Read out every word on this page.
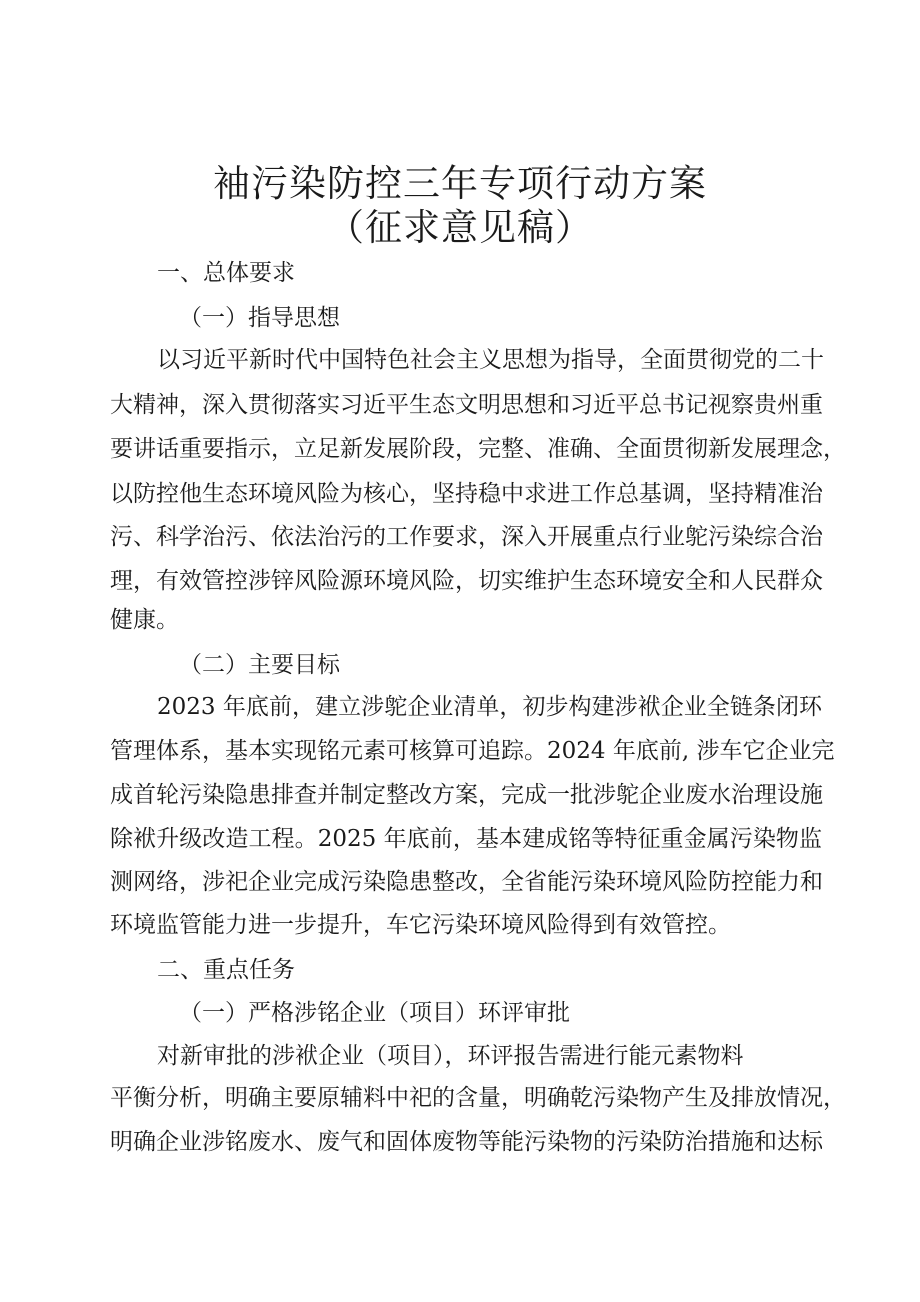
袖污染防控三年专项行动方案
（征求意见稿）
一、总体要求
（一）指导思想
以习近平新时代中国特色社会主义思想为指导，全面贯彻党的二十
大精神，深入贯彻落实习近平生态文明思想和习近平总书记视察贵州重
要讲话重要指示，立足新发展阶段，完整、准确、全面贯彻新发展理念，
以防控他生态环境风险为核心，坚持稳中求进工作总基调，坚持精准治
污、科学治污、依法治污的工作要求，深入开展重点行业鸵污染综合治
理，有效管控涉锌风险源环境风险，切实维护生态环境安全和人民群众
健康。
（二）主要目标
2023 年底前，建立涉鸵企业清单，初步构建涉袱企业全链条闭环
管理体系，基本实现铭元素可核算可追踪。2024 年底前, 涉车它企业完
成首轮污染隐患排查并制定整改方案，完成一批涉鸵企业废水治理设施
除袱升级改造工程。2025 年底前，基本建成铭等特征重金属污染物监
测网络，涉祀企业完成污染隐患整改，全省能污染环境风险防控能力和
环境监管能力进一步提升，车它污染环境风险得到有效管控。
二、重点任务
（一）严格涉铭企业（项目）环评审批
对新审批的涉袱企业（项目），环评报告需进行能元素物料
平衡分析，明确主要原辅料中祀的含量，明确乾污染物产生及排放情况，
明确企业涉铭废水、废气和固体废物等能污染物的污染防治措施和达标
